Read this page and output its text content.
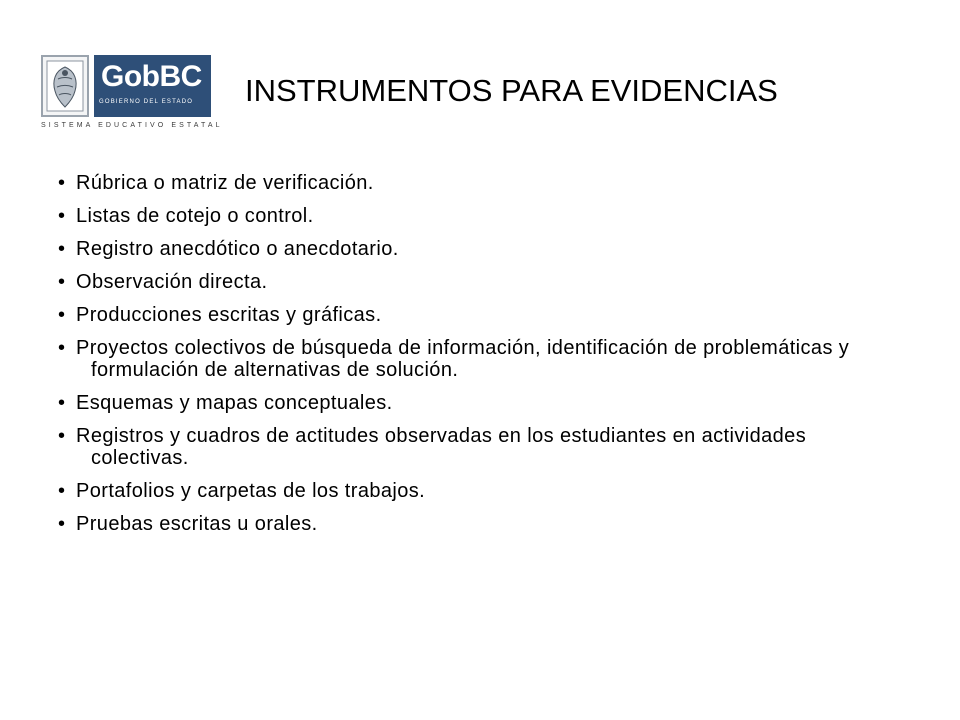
GobBC
GOBIERNO DEL ESTADO
SISTEMA EDUCATIVO ESTATAL
INSTRUMENTOS PARA EVIDENCIAS
• Rúbrica o matriz de verificación.
• Listas de cotejo o control.
• Registro anecdótico o anecdotario.
• Observación directa.
• Producciones escritas y gráficas.
• Proyectos colectivos de búsqueda de información, identificación de problemáticas y formulación de alternativas de solución.
• Esquemas y mapas conceptuales.
• Registros y cuadros de actitudes observadas en los estudiantes en actividades colectivas.
• Portafolios y carpetas de los trabajos.
• Pruebas escritas u orales.
